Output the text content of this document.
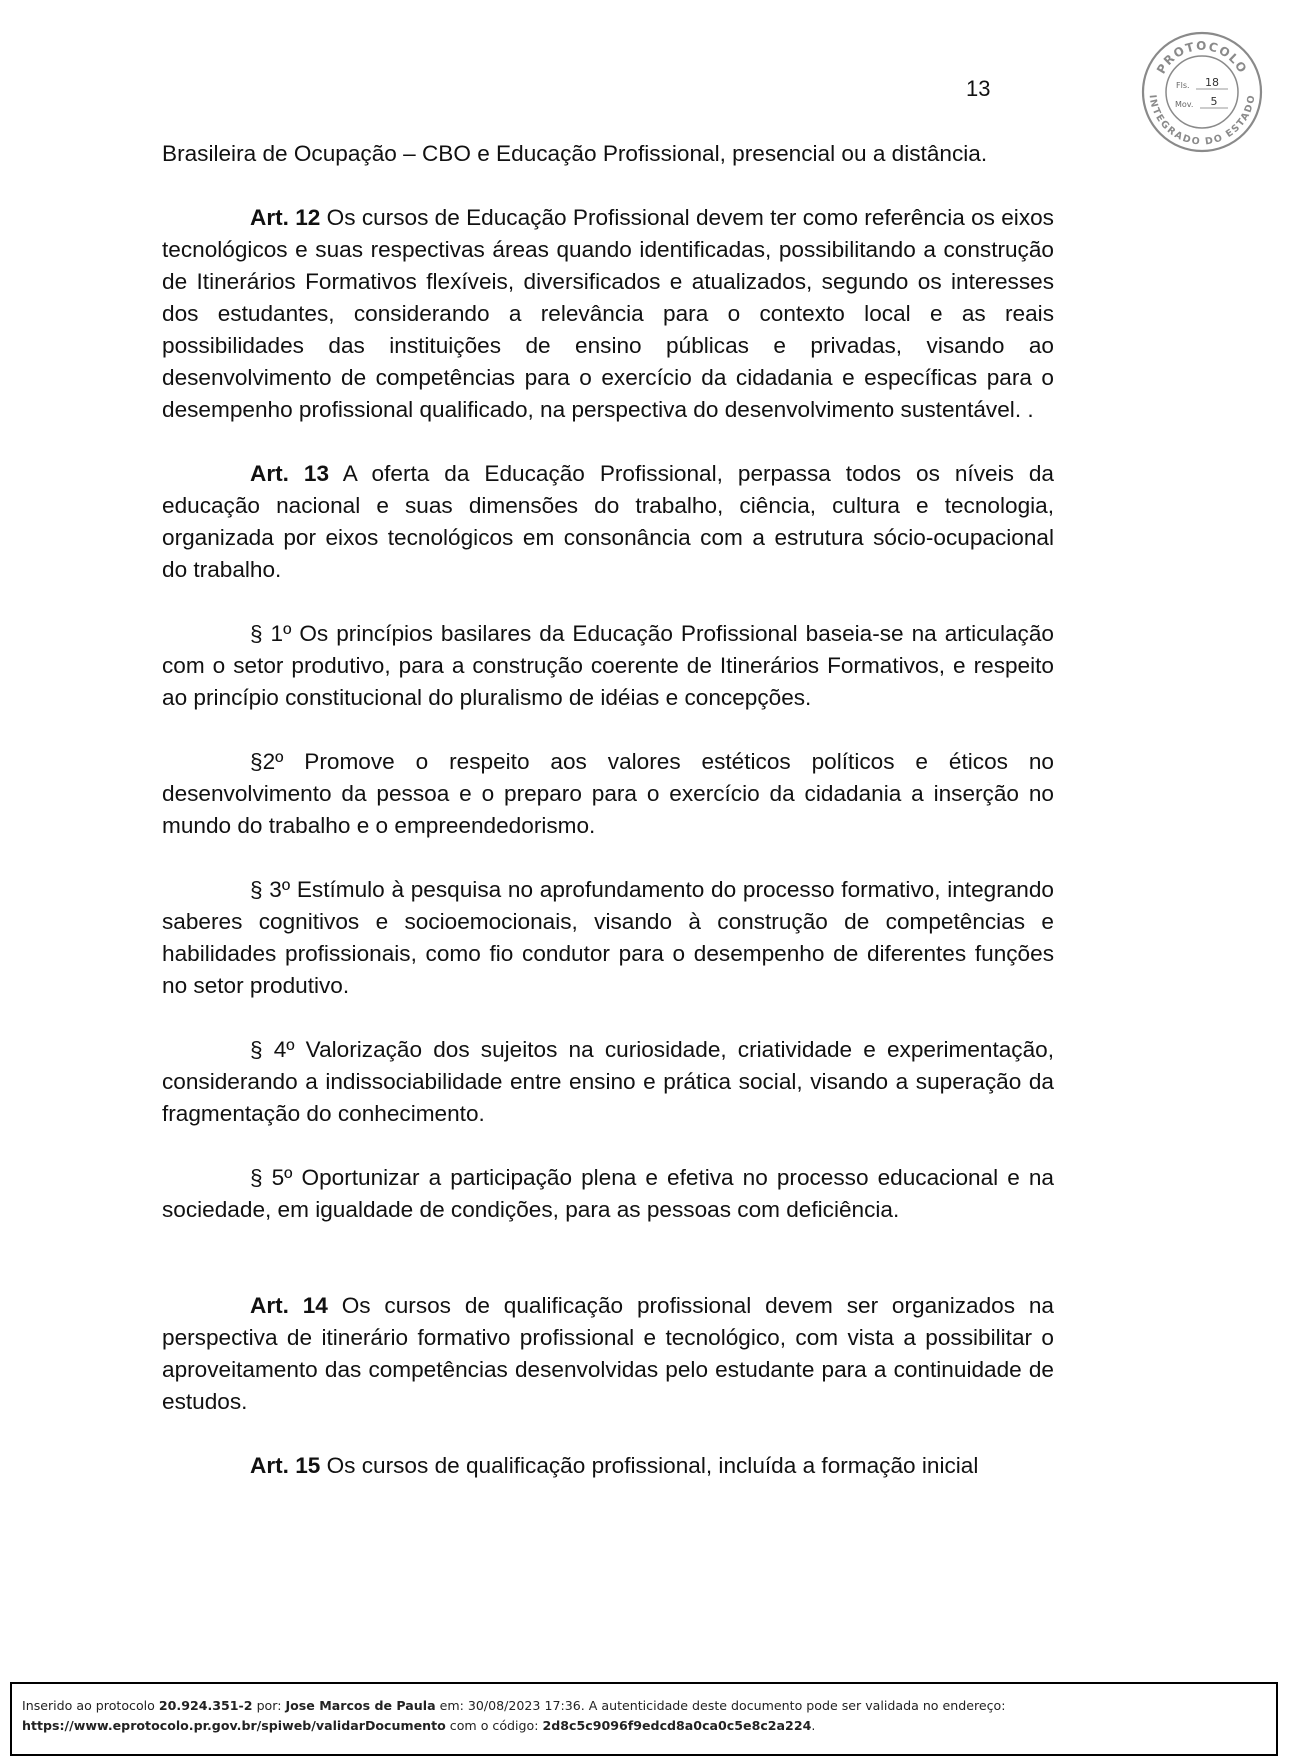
13
PROTOCOLO
INTEGRADO DO ESTADO
Fls. 18
Mov. 5

Brasileira de Ocupação – CBO e Educação Profissional, presencial ou a distância.

Art. 12 Os cursos de Educação Profissional devem ter como referência os eixos tecnológicos e suas respectivas áreas quando identificadas, possibilitando a construção de Itinerários Formativos flexíveis, diversificados e atualizados, segundo os interesses dos estudantes, considerando a relevância para o contexto local e as reais possibilidades das instituições de ensino públicas e privadas, visando ao desenvolvimento de competências para o exercício da cidadania e específicas para o desempenho profissional qualificado, na perspectiva do desenvolvimento sustentável. .

Art. 13 A oferta da Educação Profissional, perpassa todos os níveis da educação nacional e suas dimensões do trabalho, ciência, cultura e tecnologia, organizada por eixos tecnológicos em consonância com a estrutura sócio-ocupacional do trabalho.

§ 1º Os princípios basilares da Educação Profissional baseia-se na articulação com o setor produtivo, para a construção coerente de Itinerários Formativos, e respeito ao princípio constitucional do pluralismo de idéias e concepções.

§2º Promove o respeito aos valores estéticos políticos e éticos no desenvolvimento da pessoa e o preparo para o exercício da cidadania a inserção no mundo do trabalho e o empreendedorismo.

§ 3º Estímulo à pesquisa no aprofundamento do processo formativo, integrando saberes cognitivos e socioemocionais, visando à construção de competências e habilidades profissionais, como fio condutor para o desempenho de diferentes funções no setor produtivo.

§ 4º Valorização dos sujeitos na curiosidade, criatividade e experimentação, considerando a indissociabilidade entre ensino e prática social, visando a superação da fragmentação do conhecimento.

§ 5º Oportunizar a participação plena e efetiva no processo educacional e na sociedade, em igualdade de condições, para as pessoas com deficiência.

Art. 14 Os cursos de qualificação profissional devem ser organizados na perspectiva de itinerário formativo profissional e tecnológico, com vista a possibilitar o aproveitamento das competências desenvolvidas pelo estudante para a continuidade de estudos.

Art. 15 Os cursos de qualificação profissional, incluída a formação inicial

Inserido ao protocolo 20.924.351-2 por: Jose Marcos de Paula em: 30/08/2023 17:36. A autenticidade deste documento pode ser validada no endereço:
https://www.eprotocolo.pr.gov.br/spiweb/validarDocumento com o código: 2d8c5c9096f9edcd8a0ca0c5e8c2a224.
